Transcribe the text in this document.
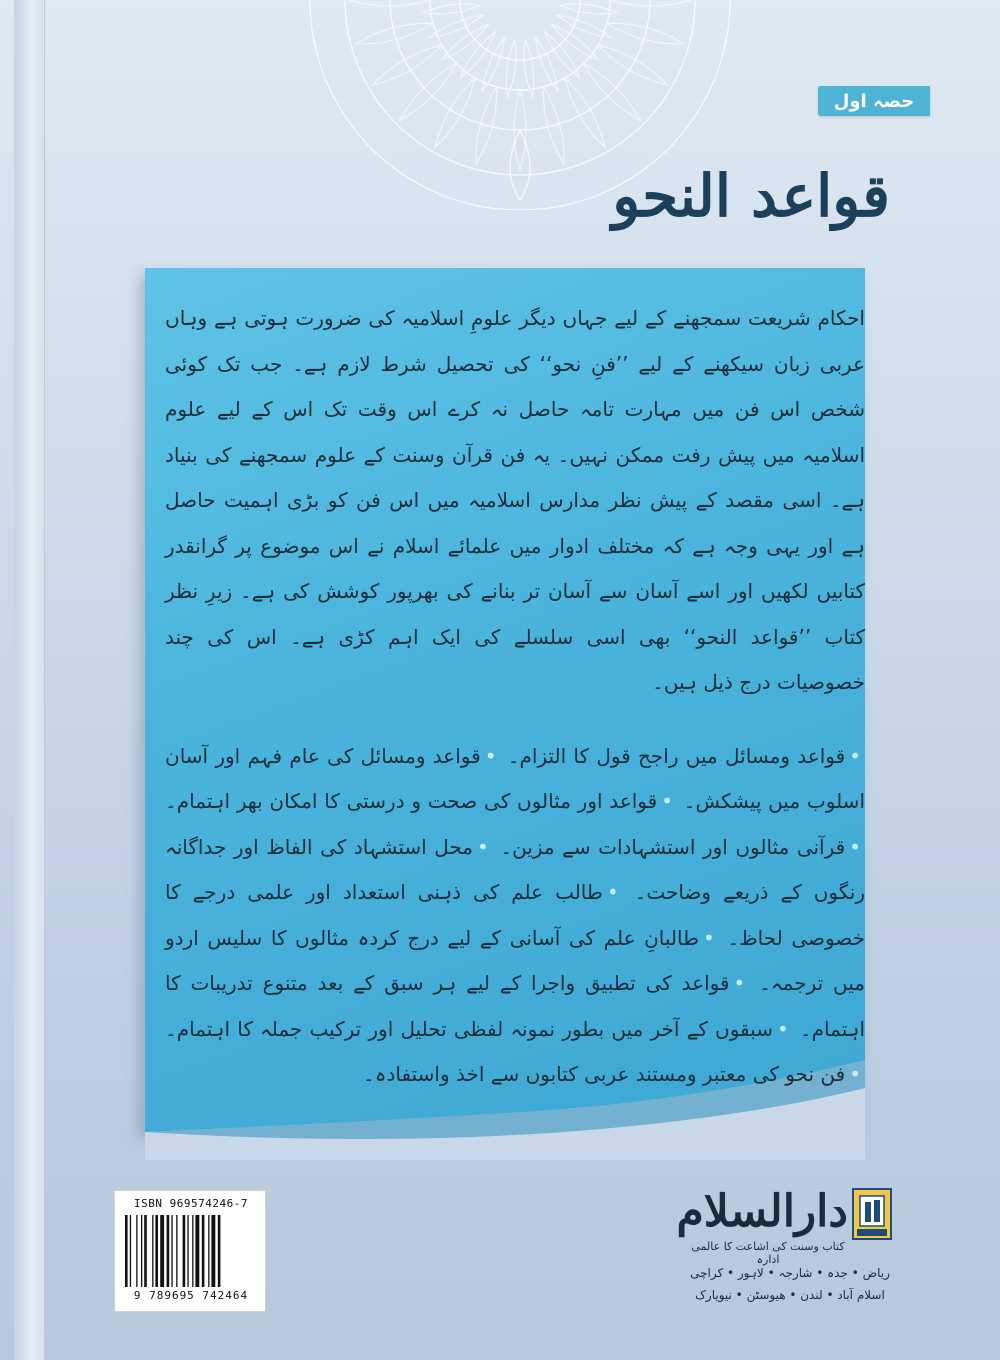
حصہ اول
قواعد النحو

احکام شریعت سمجھنے کے لیے جہاں دیگر علومِ اسلامیہ کی ضرورت ہوتی ہے وہاں عربی زبان سیکھنے کے لیے ’’فنِ نحو‘‘ کی تحصیل شرط لازم ہے۔ جب تک کوئی شخص اس فن میں مہارت تامہ حاصل نہ کرے اس وقت تک اس کے لیے علوم اسلامیہ میں پیش رفت ممکن نہیں۔ یہ فن قرآن وسنت کے علوم سمجھنے کی بنیاد ہے۔ اسی مقصد کے پیش نظر مدارس اسلامیہ میں اس فن کو بڑی اہمیت حاصل ہے اور یہی وجہ ہے کہ مختلف ادوار میں علمائے اسلام نے اس موضوع پر گرانقدر کتابیں لکھیں اور اسے آسان سے آسان تر بنانے کی بھرپور کوشش کی ہے۔ زیرِ نظر کتاب ’’قواعد النحو‘‘ بھی اسی سلسلے کی ایک اہم کڑی ہے۔ اس کی چند خصوصیات درج ذیل ہیں۔

•قواعد ومسائل میں راجح قول کا التزام۔ •قواعد ومسائل کی عام فہم اور آسان اسلوب میں پیشکش۔ •قواعد اور مثالوں کی صحت و درستی کا امکان بھر اہتمام۔ •قرآنی مثالوں اور استشہادات سے مزین۔ •محل استشہاد کی الفاظ اور جداگانہ رنگوں کے ذریعے وضاحت۔ •طالب علم کی ذہنی استعداد اور علمی درجے کا خصوصی لحاظ۔ •طالبانِ علم کی آسانی کے لیے درج کردہ مثالوں کا سلیس اردو میں ترجمہ۔ •قواعد کی تطبیق واجرا کے لیے ہر سبق کے بعد متنوع تدریبات کا اہتمام۔ •سبقوں کے آخر میں بطور نمونہ لفظی تحلیل اور ترکیب جملہ کا اہتمام۔ •فن نحو کی معتبر ومستند عربی کتابوں سے اخذ واستفادہ۔

ISBN 969574246-7
9 789695 742464
دارالسلام
کتاب وسنت کی اشاعت کا عالمی ادارہ
ریاض • جدہ • شارجہ • لاہور • کراچی
اسلام آباد • لندن • هیوسٹن • نیویارک
